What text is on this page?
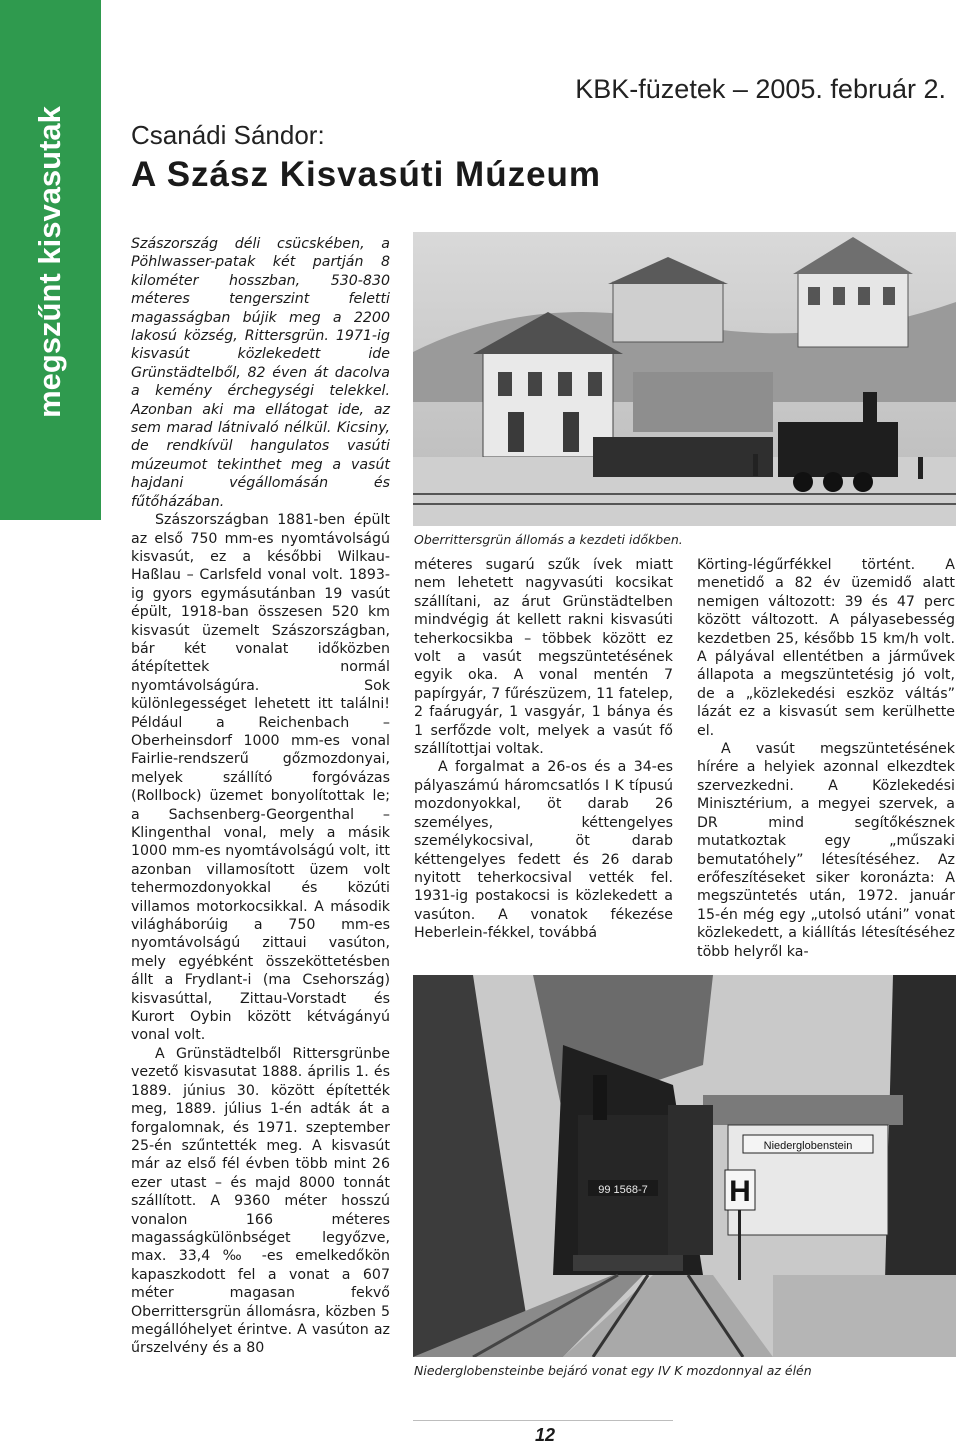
megszűnt kisvasutak
KBK-füzetek – 2005. február 2.
Csanádi Sándor:
A Szász Kisvasúti Múzeum

Szászország déli csücskében, a Pöhlwasser-patak két partján 8 kilométer hosszban, 530-830 méteres tengerszint feletti magasságban bújik meg a 2200 lakosú község, Rittersgrün. 1971-ig kisvasút közlekedett ide Grünstädtelből, 82 éven át dacolva a kemény érchegységi telekkel. Azonban aki ma ellátogat ide, az sem marad látnivaló nélkül. Kicsiny, de rendkívül hangulatos vasúti múzeumot tekinthet meg a vasút hajdani végállomásán és fűtőházában.

Szászországban 1881-ben épült az első 750 mm-es nyomtávolságú kisvasút, ez a későbbi Wilkau-Haßlau – Carlsfeld vonal volt. 1893-ig gyors egymásutánban 19 vasút épült, 1918-ban összesen 520 km kisvasút üzemelt Szászországban, bár két vonalat időközben átépítettek normál nyomtávolságúra. Sok különlegességet lehetett itt találni! Például a Reichenbach – Oberheinsdorf 1000 mm-es vonal Fairlie-rendszerű gőzmozdonyai, melyek szállító forgóvázas (Rollbock) üzemet bonyolítottak le; a Sachsenberg-Georgenthal – Klingenthal vonal, mely a másik 1000 mm-es nyomtávolságú volt, itt azonban villamosított üzem volt tehermozdonyokkal és közúti villamos motorkocsikkal. A második világháborúig a 750 mm-es nyomtávolságú zittaui vasúton, mely egyébként összeköttetésben állt a Frydlant-i (ma Csehország) kisvasúttal, Zittau-Vorstadt és Kurort Oybin között kétvágányú vonal volt.

A Grünstädtelből Rittersgrünbe vezető kisvasutat 1888. április 1. és 1889. június 30. között építették meg, 1889. július 1-én adták át a forgalomnak, és 1971. szeptember 25-én szűntették meg. A kisvasút már az első fél évben több mint 26 ezer utast – és majd 8000 tonnát szállított. A 9360 méter hosszú vonalon 166 méteres magasságkülönbséget legyőzve, max. 33,4 ‰ -es emelkedőkön kapaszkodott fel a vonat a 607 méter magasan fekvő Oberrittersgrün állomásra, közben 5 megállóhelyet érintve. A vasúton az űrszelvény és a 80

Oberrittersgrün állomás a kezdeti időkben.

méteres sugarú szűk ívek miatt nem lehetett nagyvasúti kocsikat szállítani, az árut Grünstädtelben mindvégig át kellett rakni kisvasúti teherkocsikba – többek között ez volt a vasút megszüntetésének egyik oka. A vonal mentén 7 papírgyár, 7 fűrészüzem, 11 fatelep, 2 faárugyár, 1 vasgyár, 1 bánya és 1 serfőzde volt, melyek a vasút fő szállítottjai voltak.

A forgalmat a 26-os és a 34-es pályaszámú háromcsatlós I K típusú mozdonyokkal, öt darab 26 személyes, kéttengelyes személykocsival, öt darab kéttengelyes fedett és 26 darab nyitott teherkocsival vették fel. 1931-ig postakocsi is közlekedett a vasúton. A vonatok fékezése Heberlein-fékkel, továbbá

Körting-légűrfékkel történt. A menetidő a 82 év üzemidő alatt nemigen változott: 39 és 47 perc között változott. A pályasebesség kezdetben 25, később 15 km/h volt. A pályával ellentétben a járművek állapota a megszüntetésig jó volt, de a „közlekedési eszköz váltás” lázát ez a kisvasút sem kerülhette el.

A vasút megszüntetésének hírére a helyiek azonnal elkezdtek szervezkedni. A Közlekedési Minisztérium, a megyei szervek, a DR mind segítőkésznek mutatkoztak egy „műszaki bemutatóhely” létesítéséhez. Az erőfeszítéseket siker koronázta: A megszüntetés után, 1972. január 15-én még egy „utolsó utáni” vonat közlekedett, a kiállítás létesítéséhez több helyről ka-

Niederglobenstein
H
99 1568-7
Niederglobensteinbe bejáró vonat egy IV K mozdonnyal az élén
12
